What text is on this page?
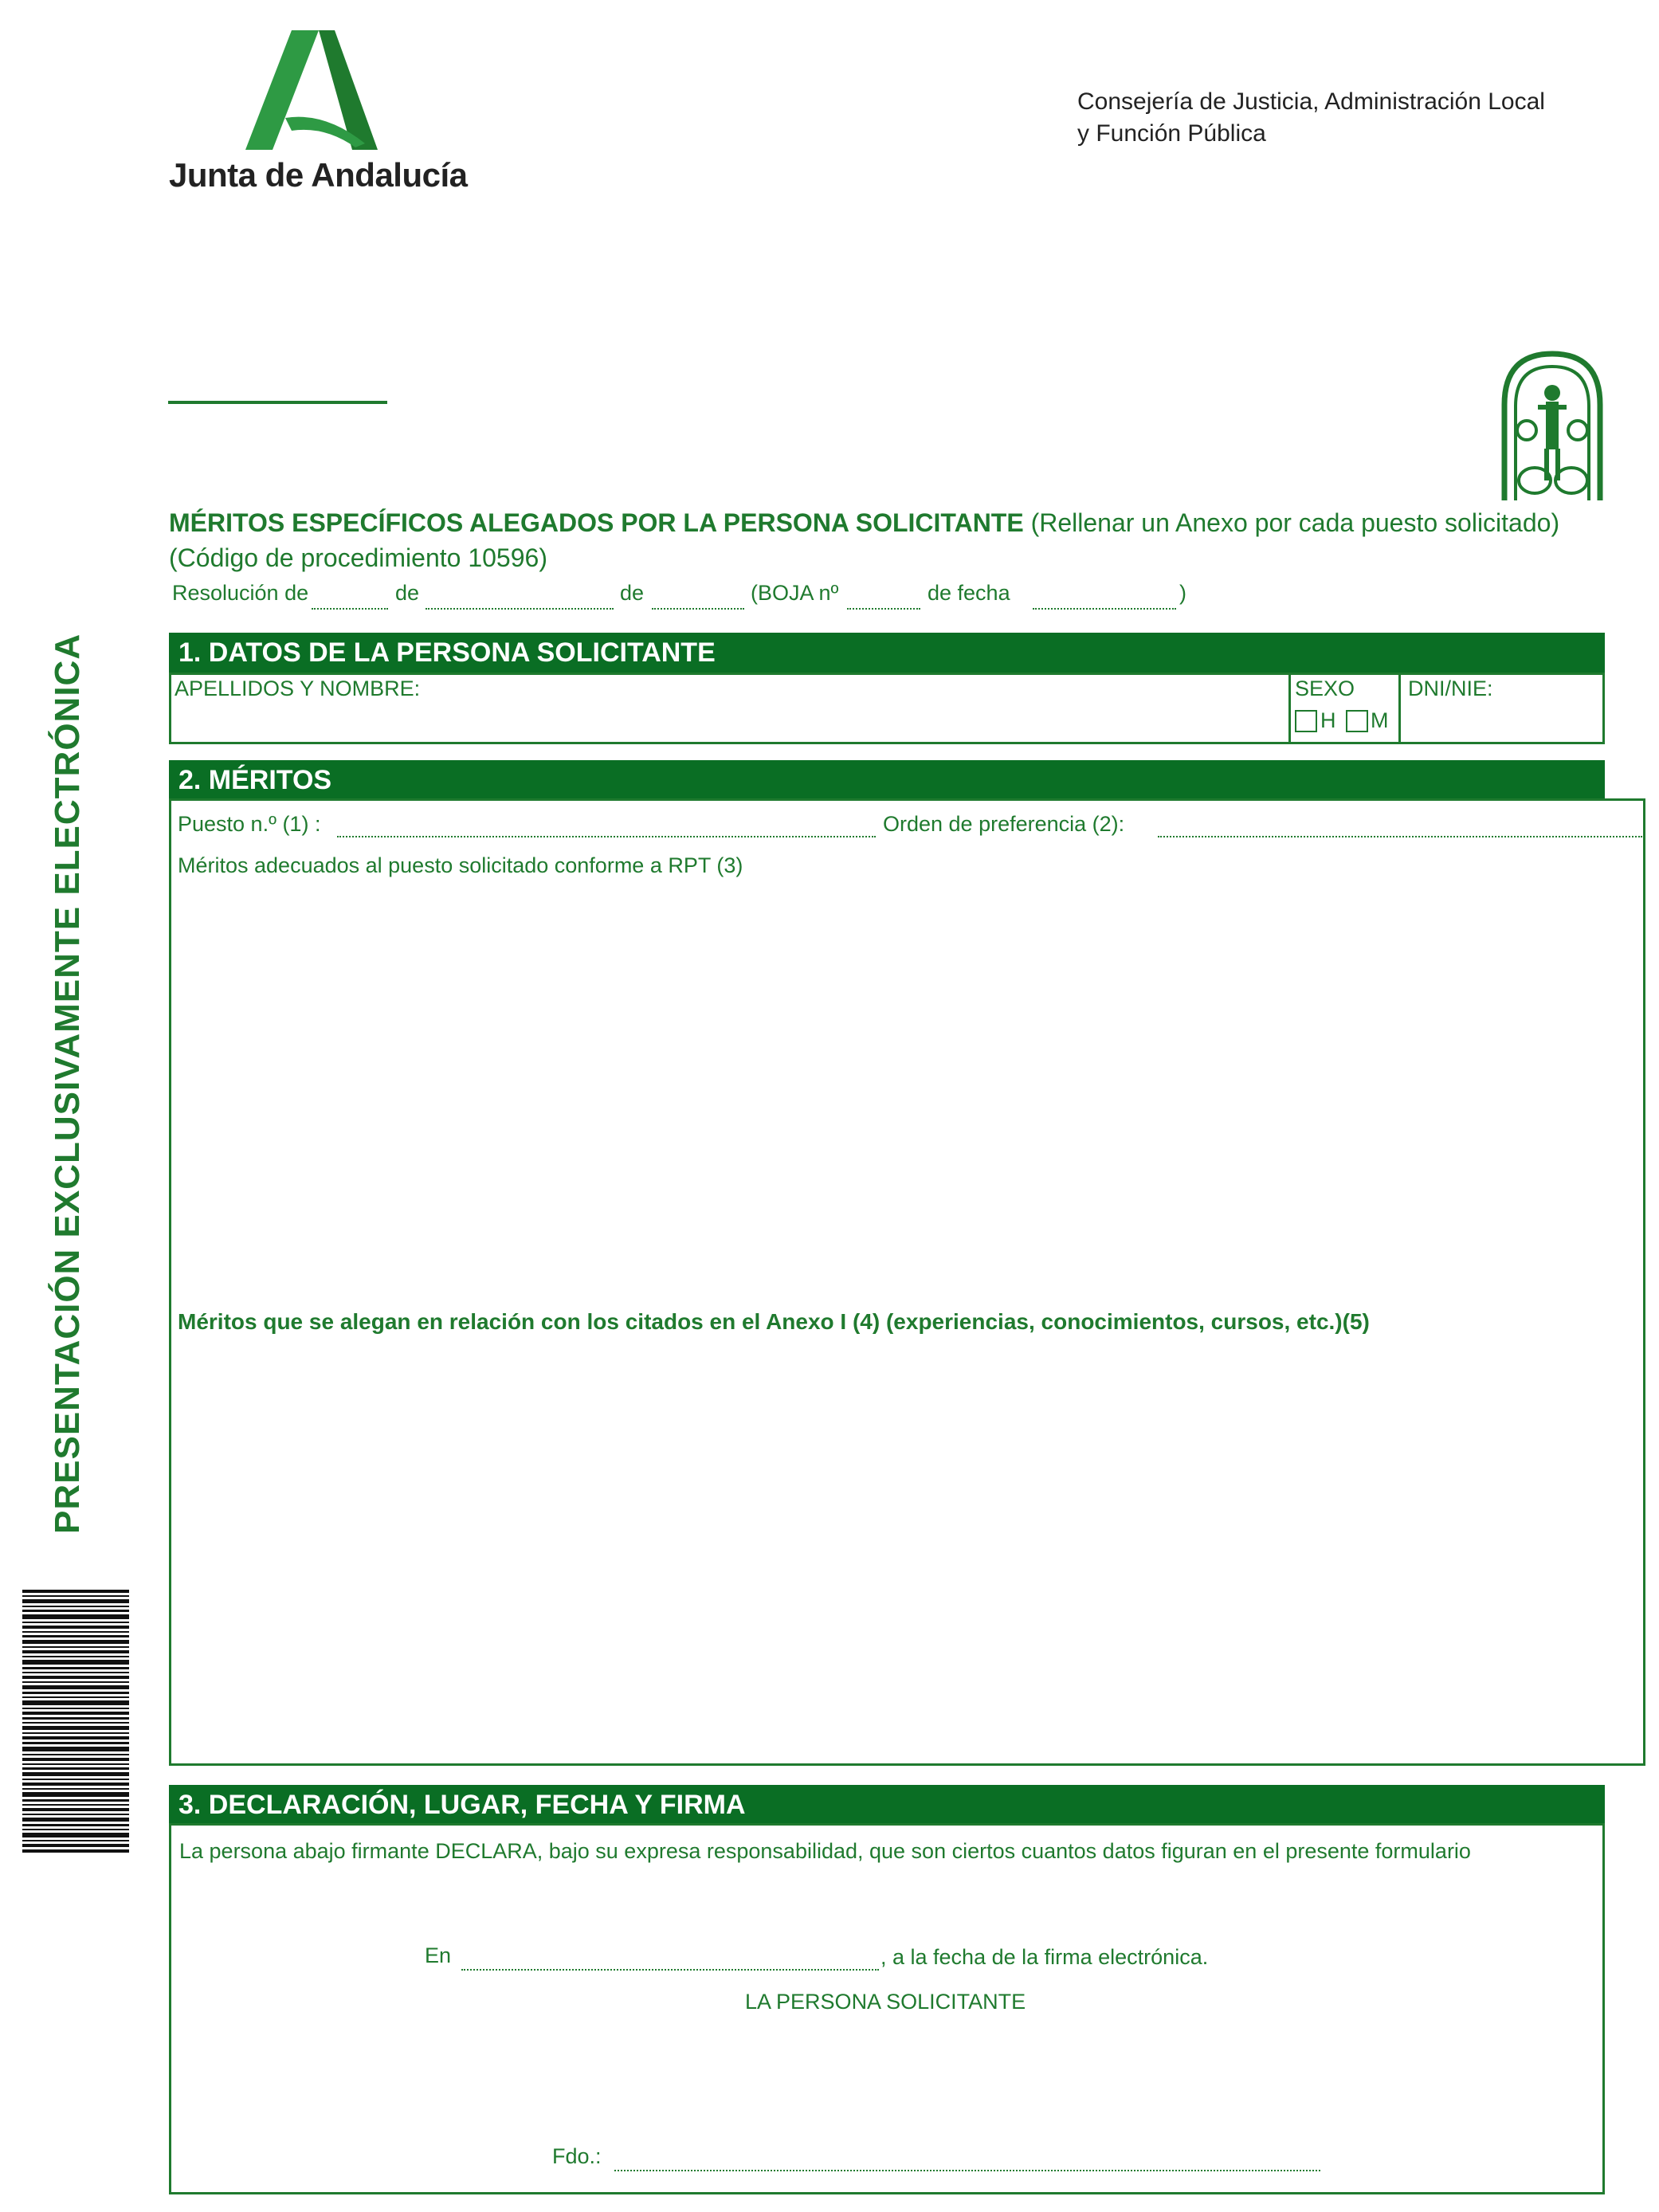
Junta de Andalucía
Consejería de Justicia, Administración Local
y Función Pública
MÉRITOS ESPECÍFICOS ALEGADOS POR LA PERSONA SOLICITANTE (Rellenar un Anexo por cada puesto solicitado)
(Código de procedimiento 10596)
Resolución de	de	de	(BOJA nº	de fecha	)
1. DATOS DE LA PERSONA SOLICITANTE
APELLIDOS Y NOMBRE:	SEXO
H M
DNI/NIE:
2. MÉRITOS
Puesto n.º (1) :	Orden de preferencia (2):
Méritos adecuados al puesto solicitado conforme a RPT (3)
Méritos que se alegan en relación con los citados en el Anexo I (4) (experiencias, conocimientos, cursos, etc.)(5)
3. DECLARACIÓN, LUGAR, FECHA Y FIRMA
La persona abajo firmante DECLARA, bajo su expresa responsabilidad, que son ciertos cuantos datos figuran en el presente formulario
En	, a la fecha de la firma electrónica.
LA PERSONA SOLICITANTE
Fdo.:
PRESENTACIÓN EXCLUSIVAMENTE ELECTRÓNICA
